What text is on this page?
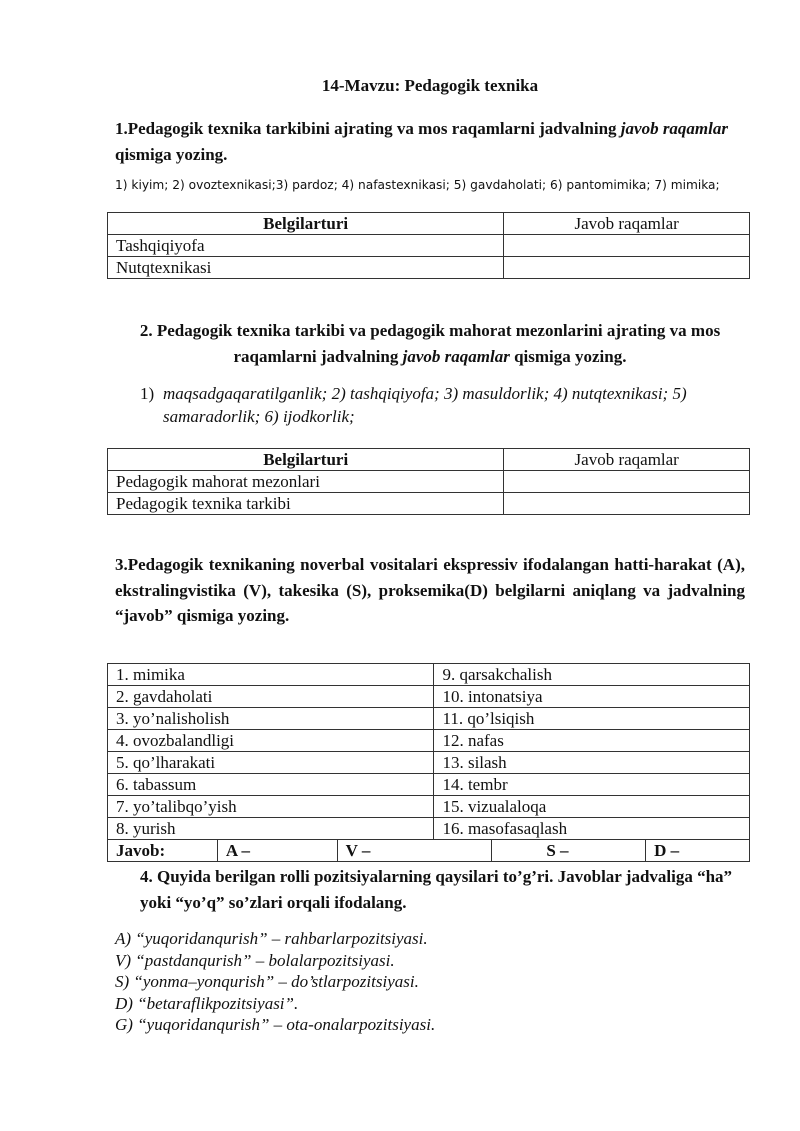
14-Mavzu: Pedagogik texnika
1.Pedagogik texnika tarkibini ajrating va mos raqamlarni jadvalning javob raqamlar qismiga yozing.
1) kiyim; 2) ovoztexnikasi;3) pardoz; 4) nafastexnikasi; 5) gavdaholati; 6) pantomimika; 7) mimika;
Belgilarturi	Javob raqamlar
Tashqiqiyofa	
Nutqtexnikasi	
2. Pedagogik texnika tarkibi va pedagogik mahorat mezonlarini ajrating va mos raqamlarni jadvalning javob raqamlar qismiga yozing.
1) maqsadgaqaratilganlik; 2) tashqiqiyofa; 3) masuldorlik; 4) nutqtexnikasi; 5) samaradorlik; 6) ijodkorlik;
Belgilarturi	Javob raqamlar
Pedagogik mahorat mezonlari	
Pedagogik texnika tarkibi	
3.Pedagogik texnikaning noverbal vositalari ekspressiv ifodalangan hatti-harakat (A), ekstralingvistika (V), takesika (S), proksemika(D) belgilarni aniqlang va jadvalning “javob” qismiga yozing.
1. mimika			9. qarsakchalish		
2. gavdaholati			10. intonatsiya		
3. yo’nalisholish			11. qo’lsiqish		
4. ovozbalandligi			12. nafas		
5. qo’lharakati			13. silash		
6. tabassum			14. tembr		
7. yo’talibqo’yish			15. vizualaloqa		
8. yurish			16. masofasaqlash		
Javob:	A –	V –		S –	D –
4. Quyida berilgan rolli pozitsiyalarning qaysilari to’g’ri. Javoblar jadvaliga “ha” yoki “yo’q” so’zlari orqali ifodalang.
A) “yuqoridanqurish” – rahbarlarpozitsiyasi.
V) “pastdanqurish” – bolalarpozitsiyasi.
S) “yonma–yonqurish” – do’stlarpozitsiyasi.
D) “betaraflikpozitsiyasi”.
G) “yuqoridanqurish” – ota-onalarpozitsiyasi.
